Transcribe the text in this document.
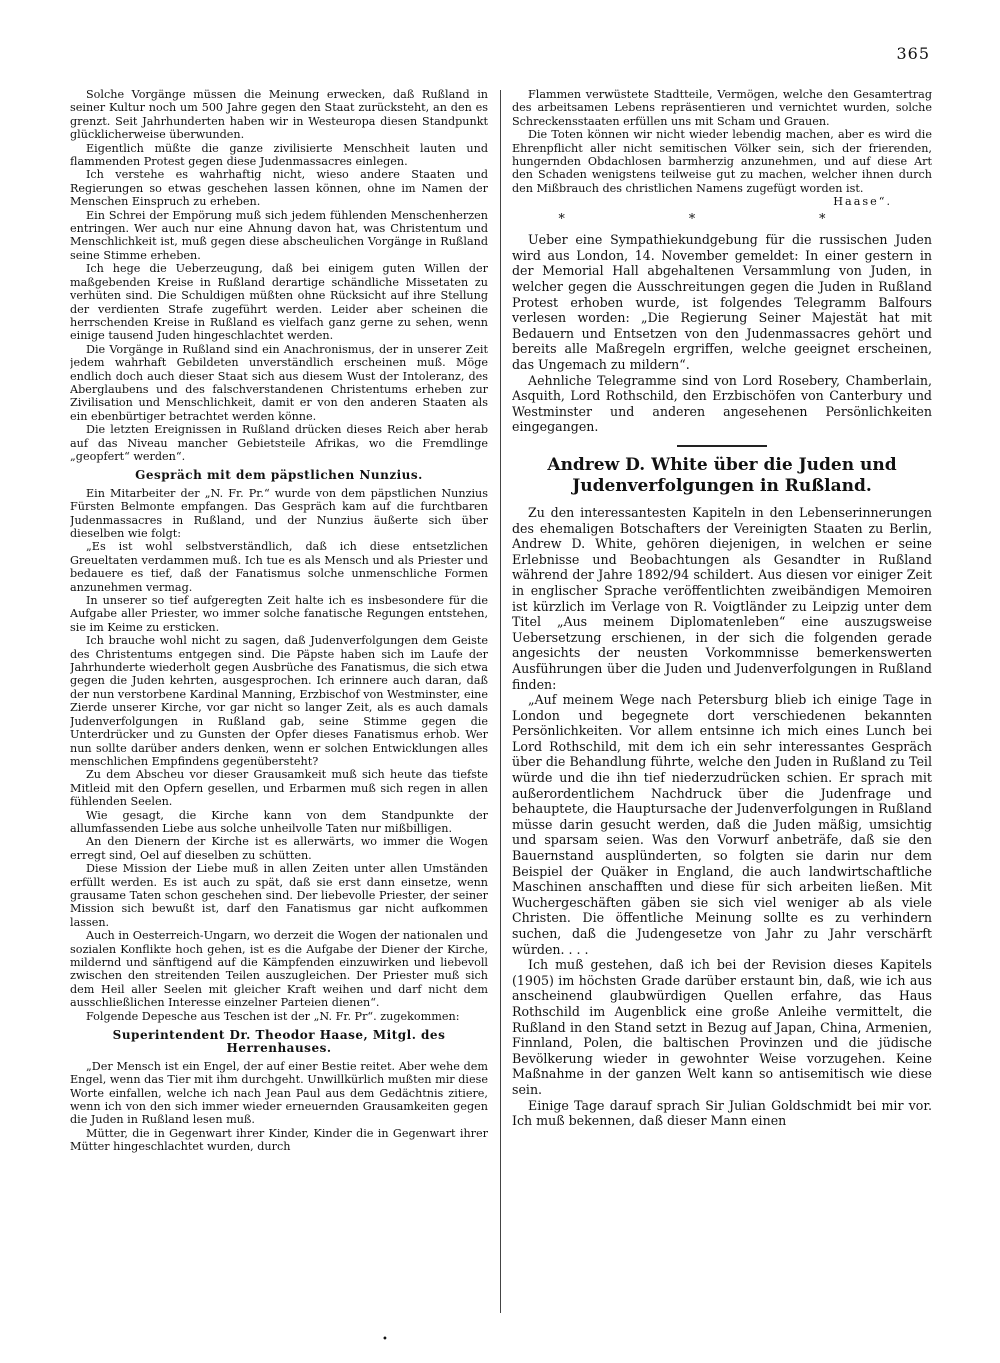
365

Solche Vorgänge müssen die Meinung erwecken, daß Rußland in seiner Kultur noch um 500 Jahre gegen den Staat zurücksteht, an den es grenzt. Seit Jahrhunderten haben wir in Westeuropa diesen Standpunkt glücklicherweise überwunden.

Eigentlich müßte die ganze zivilisierte Menschheit lauten und flammenden Protest gegen diese Judenmassacres einlegen.

Ich verstehe es wahrhaftig nicht, wieso andere Staaten und Regierungen so etwas geschehen lassen können, ohne im Namen der Menschen Einspruch zu erheben.

Ein Schrei der Empörung muß sich jedem fühlenden Menschenherzen entringen. Wer auch nur eine Ahnung davon hat, was Christentum und Menschlichkeit ist, muß gegen diese abscheulichen Vorgänge in Rußland seine Stimme erheben.

Ich hege die Ueberzeugung, daß bei einigem guten Willen der maßgebenden Kreise in Rußland derartige schändliche Missetaten zu verhüten sind. Die Schuldigen müßten ohne Rücksicht auf ihre Stellung der verdienten Strafe zugeführt werden. Leider aber scheinen die herrschenden Kreise in Rußland es vielfach ganz gerne zu sehen, wenn einige tausend Juden hingeschlachtet werden.

Die Vorgänge in Rußland sind ein Anachronismus, der in unserer Zeit jedem wahrhaft Gebildeten unverständlich erscheinen muß. Möge endlich doch auch dieser Staat sich aus diesem Wust der Intoleranz, des Aberglaubens und des falschverstandenen Christentums erheben zur Zivilisation und Menschlichkeit, damit er von den anderen Staaten als ein ebenbürtiger betrachtet werden könne.

Die letzten Ereignissen in Rußland drücken dieses Reich aber herab auf das Niveau mancher Gebietsteile Afrikas, wo die Fremdlinge „geopfert“ werden“.

Gespräch mit dem päpstlichen Nunzius.

Ein Mitarbeiter der „N. Fr. Pr.“ wurde von dem päpstlichen Nunzius Fürsten Belmonte empfangen. Das Gespräch kam auf die furchtbaren Judenmassacres in Rußland, und der Nunzius äußerte sich über dieselben wie folgt:

„Es ist wohl selbstverständlich, daß ich diese entsetzlichen Greueltaten verdammen muß. Ich tue es als Mensch und als Priester und bedauere es tief, daß der Fanatismus solche unmenschliche Formen anzunehmen vermag.

In unserer so tief aufgeregten Zeit halte ich es insbesondere für die Aufgabe aller Priester, wo immer solche fanatische Regungen entstehen, sie im Keime zu ersticken.

Ich brauche wohl nicht zu sagen, daß Judenverfolgungen dem Geiste des Christentums entgegen sind. Die Päpste haben sich im Laufe der Jahrhunderte wiederholt gegen Ausbrüche des Fanatismus, die sich etwa gegen die Juden kehrten, ausgesprochen. Ich erinnere auch daran, daß der nun verstorbene Kardinal Manning, Erzbischof von Westminster, eine Zierde unserer Kirche, vor gar nicht so langer Zeit, als es auch damals Judenverfolgungen in Rußland gab, seine Stimme gegen die Unterdrücker und zu Gunsten der Opfer dieses Fanatismus erhob. Wer nun sollte darüber anders denken, wenn er solchen Entwicklungen alles menschlichen Empfindens gegenübersteht?

Zu dem Abscheu vor dieser Grausamkeit muß sich heute das tiefste Mitleid mit den Opfern gesellen, und Erbarmen muß sich regen in allen fühlenden Seelen.

Wie gesagt, die Kirche kann von dem Standpunkte der allumfassenden Liebe aus solche unheilvolle Taten nur mißbilligen.

An den Dienern der Kirche ist es allerwärts, wo immer die Wogen erregt sind, Oel auf dieselben zu schütten.

Diese Mission der Liebe muß in allen Zeiten unter allen Umständen erfüllt werden. Es ist auch zu spät, daß sie erst dann einsetze, wenn grausame Taten schon geschehen sind. Der liebevolle Priester, der seiner Mission sich bewußt ist, darf den Fanatismus gar nicht aufkommen lassen.

Auch in Oesterreich-Ungarn, wo derzeit die Wogen der nationalen und sozialen Konflikte hoch gehen, ist es die Aufgabe der Diener der Kirche, mildernd und sänftigend auf die Kämpfenden einzuwirken und liebevoll zwischen den streitenden Teilen auszugleichen. Der Priester muß sich dem Heil aller Seelen mit gleicher Kraft weihen und darf nicht dem ausschließlichen Interesse einzelner Parteien dienen“.

Folgende Depesche aus Teschen ist der „N. Fr. Pr“. zugekommen:

Superintendent Dr. Theodor Haase, Mitgl. des Herrenhauses.

„Der Mensch ist ein Engel, der auf einer Bestie reitet. Aber wehe dem Engel, wenn das Tier mit ihm durchgeht. Unwillkürlich mußten mir diese Worte einfallen, welche ich nach Jean Paul aus dem Gedächtnis zitiere, wenn ich von den sich immer wieder erneuernden Grausamkeiten gegen die Juden in Rußland lesen muß.

Mütter, die in Gegenwart ihrer Kinder, Kinder die in Gegenwart ihrer Mütter hingeschlachtet wurden, durch

Flammen verwüstete Stadtteile, Vermögen, welche den Gesamtertrag des arbeitsamen Lebens repräsentieren und vernichtet wurden, solche Schreckensstaaten erfüllen uns mit Scham und Grauen.

Die Toten können wir nicht wieder lebendig machen, aber es wird die Ehrenpflicht aller nicht semitischen Völker sein, sich der frierenden, hungernden Obdachlosen barmherzig anzunehmen, und auf diese Art den Schaden wenigstens teilweise gut zu machen, welcher ihnen durch den Mißbrauch des christlichen Namens zugefügt worden ist.

Haase“.
* * *

Ueber eine Sympathiekundgebung für die russischen Juden wird aus London, 14. November gemeldet: In einer gestern in der Memorial Hall abgehaltenen Versammlung von Juden, in welcher gegen die Ausschreitungen gegen die Juden in Rußland Protest erhoben wurde, ist folgendes Telegramm Balfours verlesen worden: „Die Regierung Seiner Majestät hat mit Bedauern und Entsetzen von den Judenmassacres gehört und bereits alle Maßregeln ergriffen, welche geeignet erscheinen, das Ungemach zu mildern“.

Aehnliche Telegramme sind von Lord Rosebery, Chamberlain, Asquith, Lord Rothschild, den Erzbischöfen von Canterbury und Westminster und anderen angesehenen Persönlichkeiten eingegangen.

Andrew D. White über die Juden und Judenverfolgungen in Rußland.

Zu den interessantesten Kapiteln in den Lebenserinnerungen des ehemaligen Botschafters der Vereinigten Staaten zu Berlin, Andrew D. White, gehören diejenigen, in welchen er seine Erlebnisse und Beobachtungen als Gesandter in Rußland während der Jahre 1892/94 schildert. Aus diesen vor einiger Zeit in englischer Sprache veröffentlichten zweibändigen Memoiren ist kürzlich im Verlage von R. Voigtländer zu Leipzig unter dem Titel „Aus meinem Diplomatenleben“ eine auszugsweise Uebersetzung erschienen, in der sich die folgenden gerade angesichts der neusten Vorkommnisse bemerkenswerten Ausführungen über die Juden und Judenverfolgungen in Rußland finden:

„Auf meinem Wege nach Petersburg blieb ich einige Tage in London und begegnete dort verschiedenen bekannten Persönlichkeiten. Vor allem entsinne ich mich eines Lunch bei Lord Rothschild, mit dem ich ein sehr interessantes Gespräch über die Behandlung führte, welche den Juden in Rußland zu Teil würde und die ihn tief niederzudrücken schien. Er sprach mit außerordentlichem Nachdruck über die Judenfrage und behauptete, die Hauptursache der Judenverfolgungen in Rußland müsse darin gesucht werden, daß die Juden mäßig, umsichtig und sparsam seien. Was den Vorwurf anbeträfe, daß sie den Bauernstand ausplünderten, so folgten sie darin nur dem Beispiel der Quäker in England, die auch landwirtschaftliche Maschinen anschafften und diese für sich arbeiten ließen. Mit Wuchergeschäften gäben sie sich viel weniger ab als viele Christen. Die öffentliche Meinung sollte es zu verhindern suchen, daß die Judengesetze von Jahr zu Jahr verschärft würden. . . .

Ich muß gestehen, daß ich bei der Revision dieses Kapitels (1905) im höchsten Grade darüber erstaunt bin, daß, wie ich aus anscheinend glaubwürdigen Quellen erfahre, das Haus Rothschild im Augenblick eine große Anleihe vermittelt, die Rußland in den Stand setzt in Bezug auf Japan, China, Armenien, Finnland, Polen, die baltischen Provinzen und die jüdische Bevölkerung wieder in gewohnter Weise vorzugehen. Keine Maßnahme in der ganzen Welt kann so antisemitisch wie diese sein.

Einige Tage darauf sprach Sir Julian Goldschmidt bei mir vor. Ich muß bekennen, daß dieser Mann einen

•
